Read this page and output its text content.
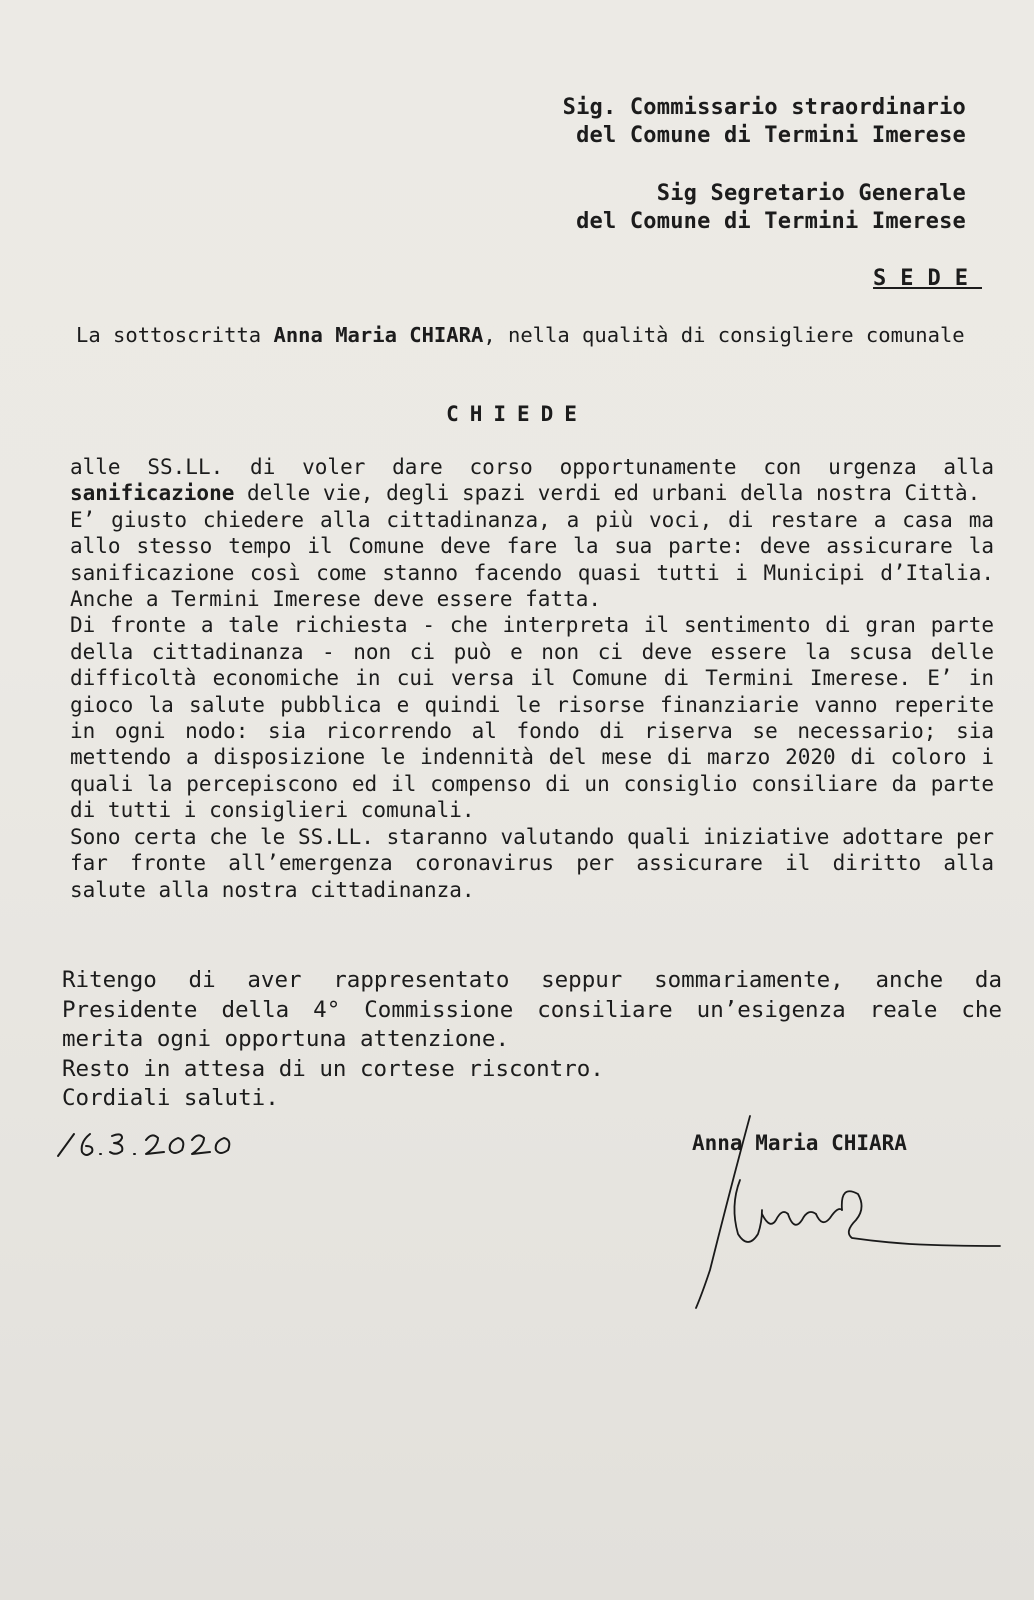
Sig. Commissario straordinario
del Comune di Termini Imerese
Sig Segretario Generale
del Comune di Termini Imerese
SEDE
La sottoscritta Anna Maria CHIARA, nella qualità di consigliere comunale
CHIEDE

alle SS.LL. di voler dare corso opportunamente con urgenza alla sanificazione delle vie, degli spazi verdi ed urbani della nostra Città.

E’ giusto chiedere alla cittadinanza, a più voci, di restare a casa ma allo stesso tempo il Comune deve fare la sua parte: deve assicurare la sanificazione così come stanno facendo quasi tutti i Municipi d’Italia. Anche a Termini Imerese deve essere fatta.

Di fronte a tale richiesta - che interpreta il sentimento di gran parte della cittadinanza - non ci può e non ci deve essere la scusa delle difficoltà economiche in cui versa il Comune di Termini Imerese. E’ in gioco la salute pubblica e quindi le risorse finanziarie vanno reperite in ogni nodo: sia ricorrendo al fondo di riserva se necessario; sia mettendo a disposizione le indennità del mese di marzo 2020 di coloro i quali la percepiscono ed il compenso di un consiglio consiliare da parte di tutti i consiglieri comunali.

Sono certa che le SS.LL. staranno valutando quali iniziative adottare per far fronte all’emergenza coronavirus per assicurare il diritto alla salute alla nostra cittadinanza.

Ritengo di aver rappresentato seppur sommariamente, anche da Presidente della 4° Commissione consiliare un’esigenza reale che merita ogni opportuna attenzione.

Resto in attesa di un cortese riscontro.

Cordiali saluti.

Anna Maria CHIARA
